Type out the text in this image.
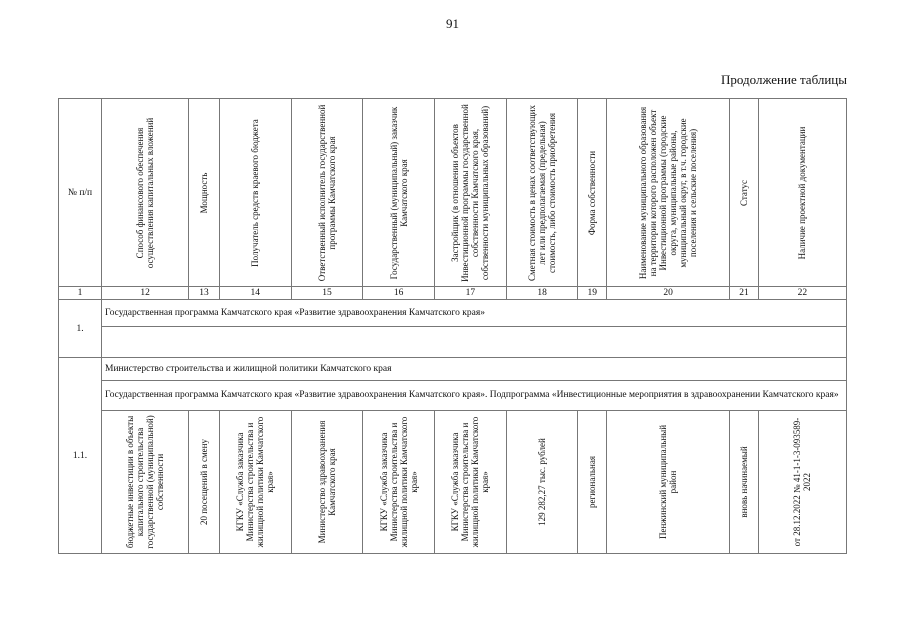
91
Продолжение таблицы
№ п/п	Способ финансового обеспечения осуществления капитальных вложений	Мощность	Получатель средств краевого бюджета	Ответственный исполнитель государственной программы Камчатского края	Государственный (муниципальный) заказчик Камчатского края	Застройщик (в отношении объектов Инвестиционной программы государственной собственности Камчатского края, собственности муниципальных образований)	Сметная стоимость в ценах соответствующих лет или предполагаемая (предельная) стоимость, либо стоимость приобретения	Форма собственности	Наименование муниципального образования на территории которого расположен объект Инвестиционной программы (городские округа, муниципальные районы, муниципальный округ, в т.ч. городские поселения и сельские поселения)	Статус	Наличие проектной документации

1	12	13	14	15	16	17	18	19	20	21	22
1.	Государственная программа Камчатского края «Развитие здравоохранения Камчатского края»										

1.1.	Министерство строительства и жилищной политики Камчатского края										
	Государственная программа Камчатского края «Развитие здравоохранения Камчатского края». Подпрограмма «Инвестиционные мероприятия в здравоохранении Камчатского края»										

	бюджетные инвестиции в объекты капитального строительства государственной (муниципальной) собственности	20 посещений в смену	КГКУ «Служба заказчика Министерства строительства и жилищной политики Камчатского края»	Министерство здравоохранения Камчатского края	КГКУ «Служба заказчика Министерства строительства и жилищной политики Камчатского края»	КГКУ «Служба заказчика Министерства строительства и жилищной политики Камчатского края»	129 282,27 тыс. рублей	региональная	Пенжинский муниципальный район	вновь начинаемый	от 28.12.2022 № 41-1-1-3-093589-2022
